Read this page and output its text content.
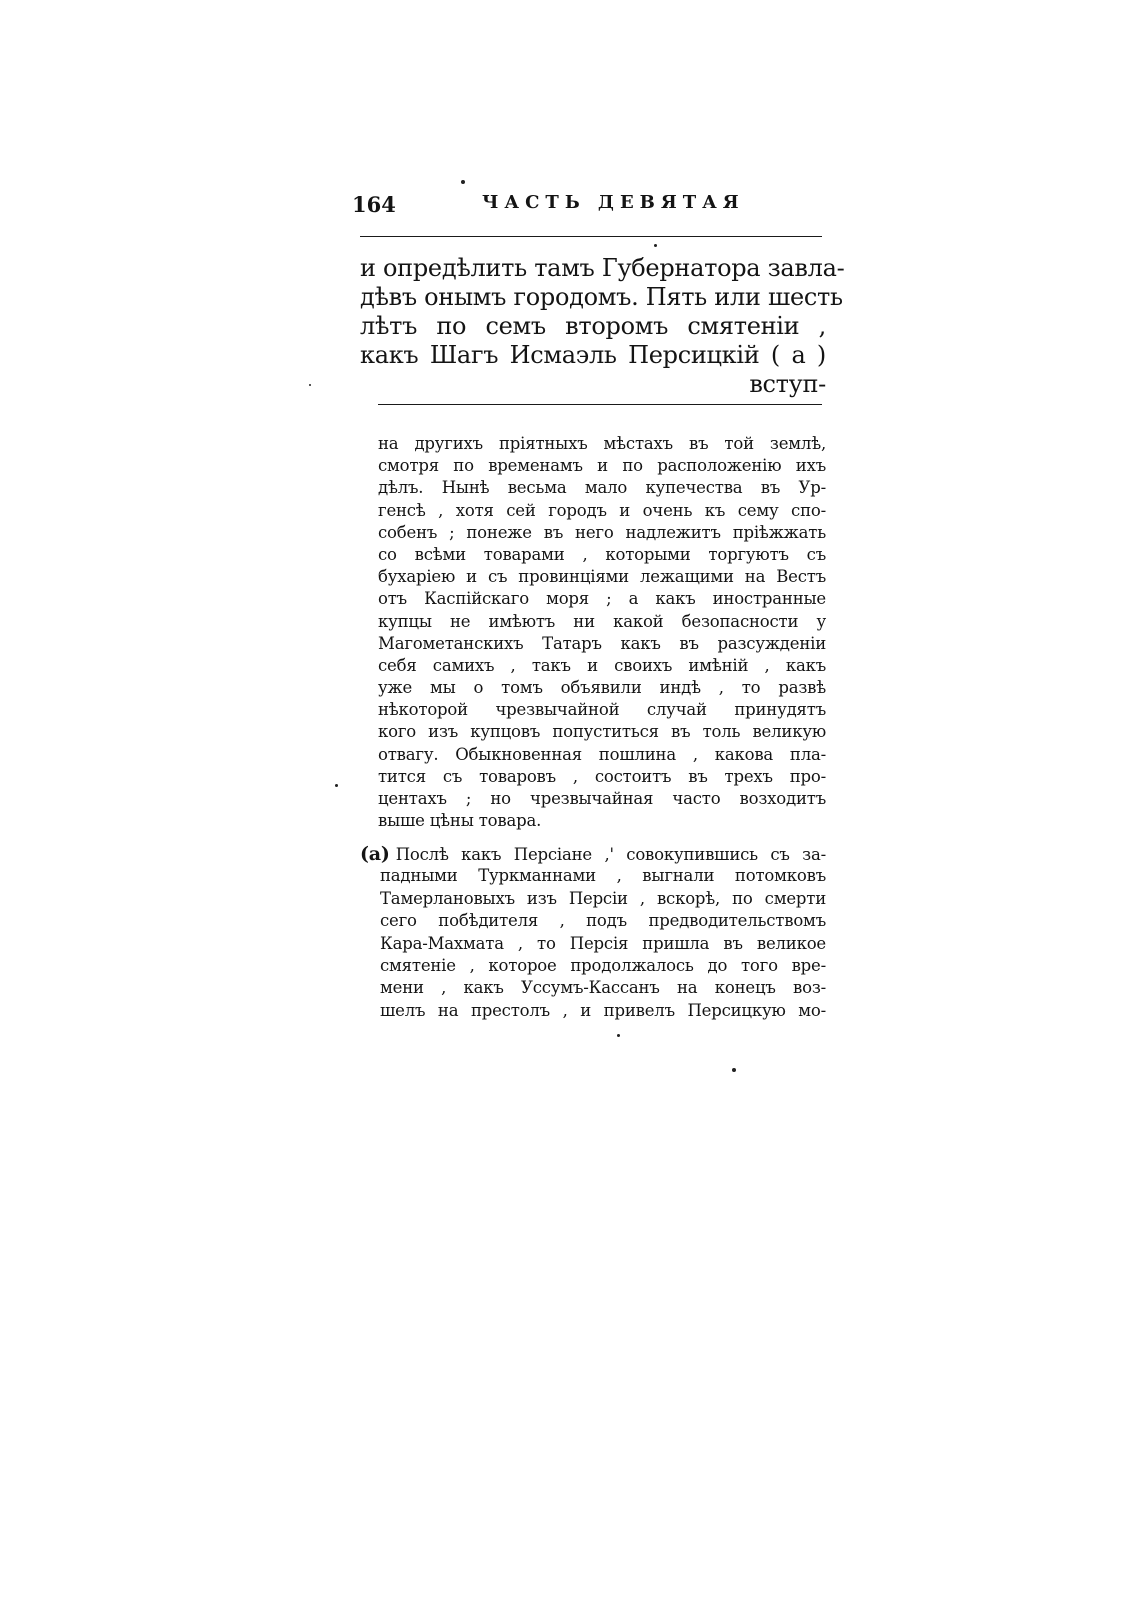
164	ЧАСТЬ ДЕВЯТАЯ
и опредѣлить тамъ Губернатора завла-
дѣвъ онымъ городомъ. Пять или шесть
лѣтъ по семъ второмъ смятеніи ,
какъ Шагъ Исмаэль Персицкій ( а )
вступ-
на другихъ пріятныхъ мѣстахъ въ той землѣ,
смотря по временамъ и по расположенію ихъ
дѣлъ. Нынѣ весьма мало купечества въ Ур-
генсѣ , хотя сей городъ и очень къ сему спо-
собенъ ; понеже въ него надлежитъ пріѣжжать
со всѣми товарами , которыми торгуютъ съ
бухаріею и съ провинціями лежащими на Вестъ
отъ Каспійскаго моря ; а какъ иностранные
купцы не имѣютъ ни какой безопасности у
Магометанскихъ Татаръ какъ въ разсужденіи
себя самихъ , такъ и своихъ имѣній , какъ
уже мы о томъ объявили индѣ , то развѣ
нѣкоторой чрезвычайной случай принудятъ
кого изъ купцовъ попуститься въ толь великую
отвагу. Обыкновенная пошлина , какова пла-
тится съ товаровъ , состоитъ въ трехъ про-
центахъ ; но чрезвычайная часто возходитъ
выше цѣны товара.
(а) Послѣ какъ Персіане ,' совокупившись съ за-
падными Туркманнами , выгнали потомковъ
Тамерлановыхъ изъ Персіи , вскорѣ, по смерти
сего побѣдителя , подъ предводительствомъ
Кара-Махмата , то Персія пришла въ великое
смятеніе , которое продолжалось до того вре-
мени , какъ Уссумъ-Кассанъ на конецъ воз-
шелъ на престолъ , и привелъ Персицкую мо-
